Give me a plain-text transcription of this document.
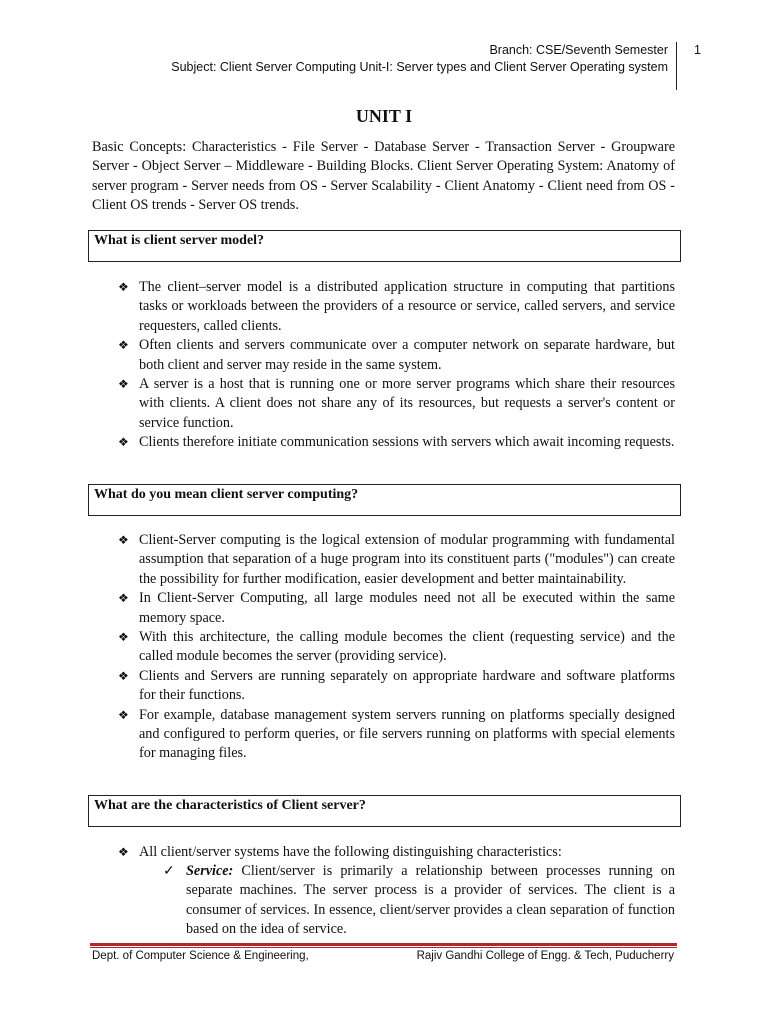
Branch: CSE/Seventh Semester
Subject: Client Server Computing Unit-I: Server types and Client Server Operating system
1
UNIT I
Basic Concepts: Characteristics - File Server - Database Server - Transaction Server - Groupware Server - Object Server – Middleware - Building Blocks. Client Server Operating System: Anatomy of server program - Server needs from OS - Server Scalability - Client Anatomy - Client need from OS - Client OS trends - Server OS trends.
What is client server model?
❖ The client–server model is a distributed application structure in computing that partitions tasks or workloads between the providers of a resource or service, called servers, and service requesters, called clients.
❖ Often clients and servers communicate over a computer network on separate hardware, but both client and server may reside in the same system.
❖ A server is a host that is running one or more server programs which share their resources with clients. A client does not share any of its resources, but requests a server's content or service function.
❖ Clients therefore initiate communication sessions with servers which await incoming requests.
What do you mean client server computing?
❖ Client-Server computing is the logical extension of modular programming with fundamental assumption that separation of a huge program into its constituent parts ("modules") can create the possibility for further modification, easier development and better maintainability.
❖ In Client-Server Computing, all large modules need not all be executed within the same memory space.
❖ With this architecture, the calling module becomes the client (requesting service) and the called module becomes the server (providing service).
❖ Clients and Servers are running separately on appropriate hardware and software platforms for their functions.
❖ For example, database management system servers running on platforms specially designed and configured to perform queries, or file servers running on platforms with special elements for managing files.
What are the characteristics of Client server?
❖ All client/server systems have the following distinguishing characteristics:
✓ Service: Client/server is primarily a relationship between processes running on separate machines. The server process is a provider of services. The client is a consumer of services. In essence, client/server provides a clean separation of function based on the idea of service.
Dept. of Computer Science & Engineering,	Rajiv Gandhi College of Engg. & Tech, Puducherry
